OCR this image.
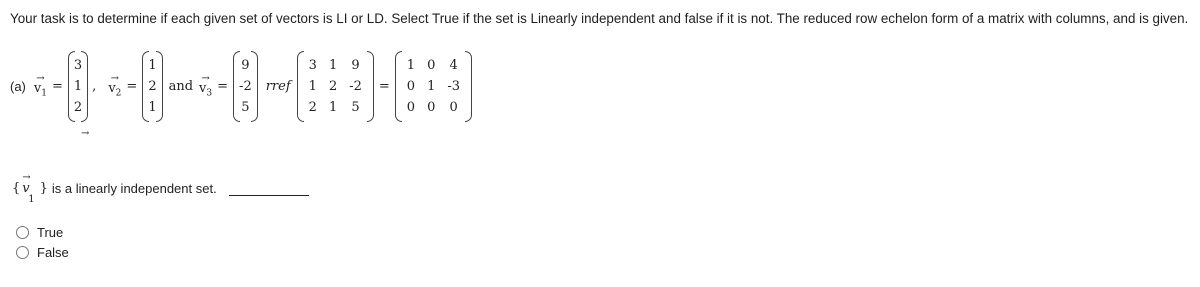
Your task is to determine if each given set of vectors is LI or LD. Select True if the set is Linearly independent and false if it is not. The reduced row echelon form of a matrix with columns, and is given.
(a)
→
$v_1$ =
3
1
2
,
→
$v_2$ =
1
2
1
and
→
$v_3$ =
9
-2
5
rref
3	1	9
1	2	-2
2	1	5
=
1	0	4
0	1	-3
0	0	0
→
{
→
v
1
} is a linearly independent set.
True
False
